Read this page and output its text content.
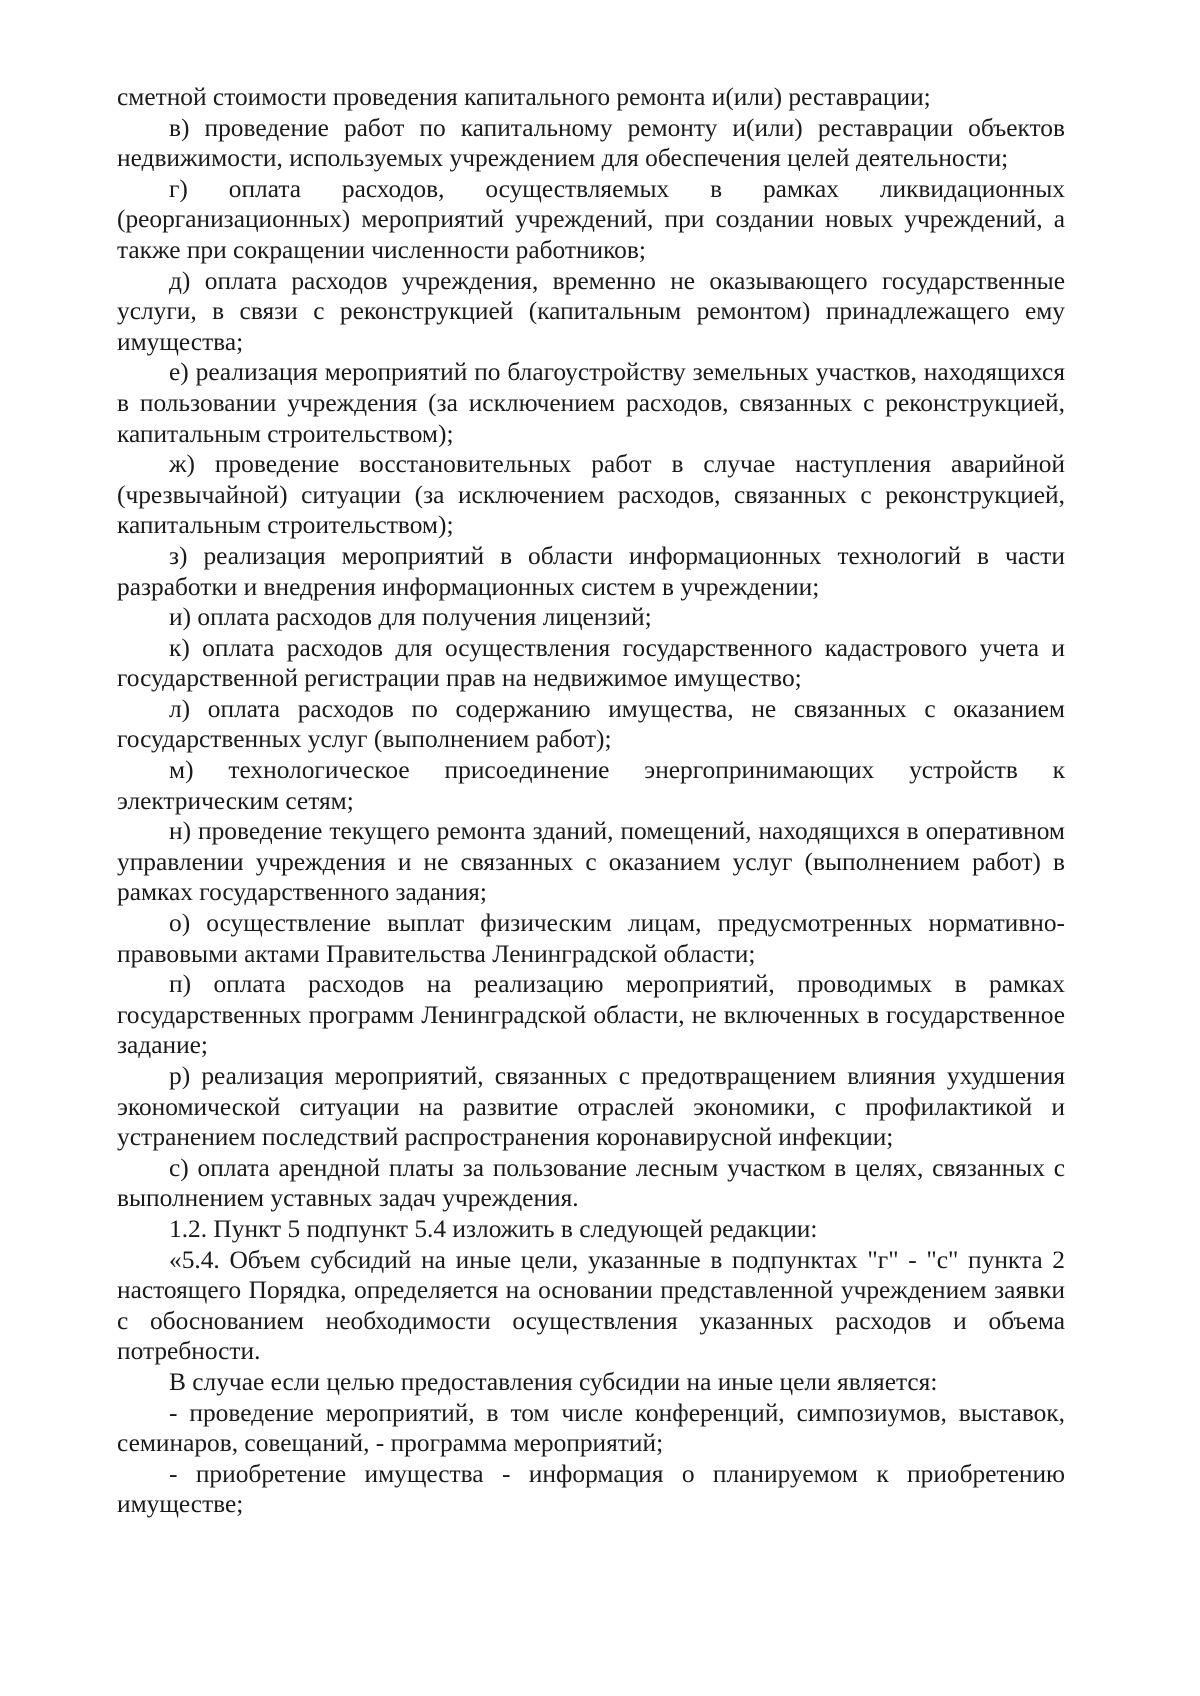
сметной стоимости проведения капитального ремонта и(или) реставрации;

в) проведение работ по капитальному ремонту и(или) реставрации объектов недвижимости, используемых учреждением для обеспечения целей деятельности;

г) оплата расходов, осуществляемых в рамках ликвидационных (реорганизационных) мероприятий учреждений, при создании новых учреждений, а также при сокращении численности работников;

д) оплата расходов учреждения, временно не оказывающего государственные услуги, в связи с реконструкцией (капитальным ремонтом) принадлежащего ему имущества;

е) реализация мероприятий по благоустройству земельных участков, находящихся в пользовании учреждения (за исключением расходов, связанных с реконструкцией, капитальным строительством);

ж) проведение восстановительных работ в случае наступления аварийной (чрезвычайной) ситуации (за исключением расходов, связанных с реконструкцией, капитальным строительством);

з) реализация мероприятий в области информационных технологий в части разработки и внедрения информационных систем в учреждении;

и) оплата расходов для получения лицензий;

к) оплата расходов для осуществления государственного кадастрового учета и государственной регистрации прав на недвижимое имущество;

л) оплата расходов по содержанию имущества, не связанных с оказанием государственных услуг (выполнением работ);

м) технологическое присоединение энергопринимающих устройств к электрическим сетям;

н) проведение текущего ремонта зданий, помещений, находящихся в оперативном управлении учреждения и не связанных с оказанием услуг (выполнением работ) в рамках государственного задания;

о) осуществление выплат физическим лицам, предусмотренных нормативно-правовыми актами Правительства Ленинградской области;

п) оплата расходов на реализацию мероприятий, проводимых в рамках государственных программ Ленинградской области, не включенных в государственное задание;

р) реализация мероприятий, связанных с предотвращением влияния ухудшения экономической ситуации на развитие отраслей экономики, с профилактикой и устранением последствий распространения коронавирусной инфекции;

с) оплата арендной платы за пользование лесным участком в целях, связанных с выполнением уставных задач учреждения.

1.2. Пункт 5 подпункт 5.4 изложить в следующей редакции:

«5.4. Объем субсидий на иные цели, указанные в подпунктах "г" - "с" пункта 2 настоящего Порядка, определяется на основании представленной учреждением заявки с обоснованием необходимости осуществления указанных расходов и объема потребности.

В случае если целью предоставления субсидии на иные цели является:

- проведение мероприятий, в том числе конференций, симпозиумов, выставок, семинаров, совещаний, - программа мероприятий;

- приобретение имущества - информация о планируемом к приобретению имуществе;
